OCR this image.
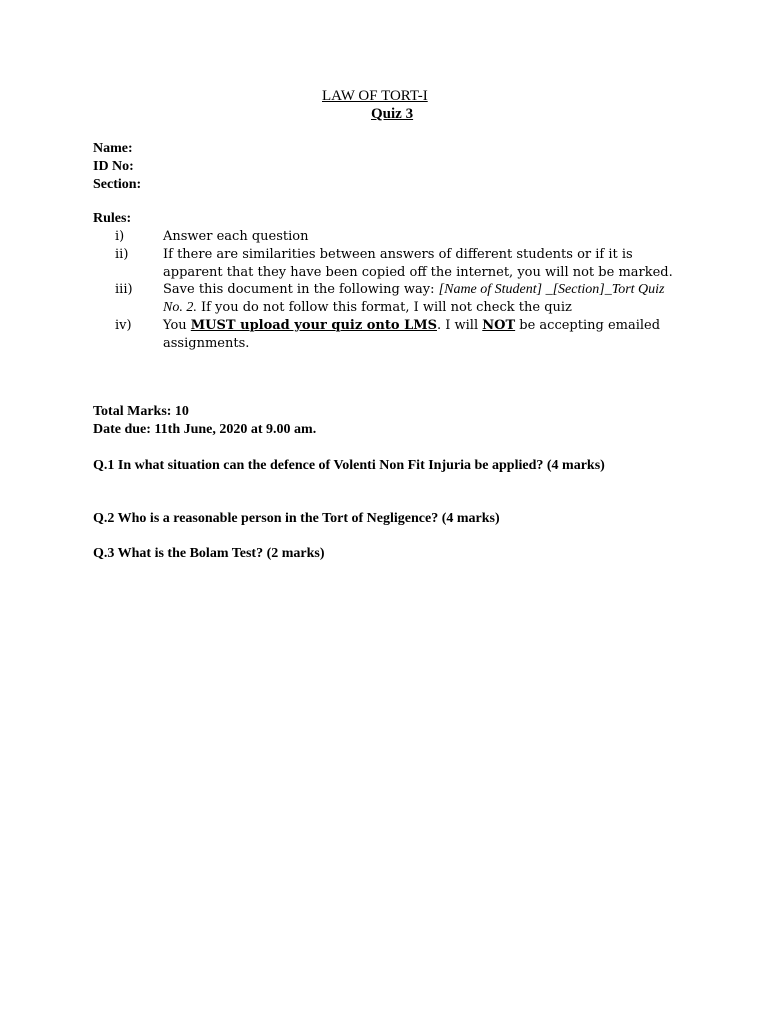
LAW OF TORT-I
Quiz 3
Name:
ID No:
Section:
Rules:
i)	Answer each question
ii)	If there are similarities between answers of different students or if it is apparent that they have been copied off the internet, you will not be marked.
iii) Save this document in the following way: [Name of Student] _[Section]_Tort Quiz No. 2. If you do not follow this format, I will not check the quiz
iv) You MUST upload your quiz onto LMS. I will NOT be accepting emailed assignments.
Total Marks: 10
Date due: 11th June, 2020 at 9.00 am.
Q.1 In what situation can the defence of Volenti Non Fit Injuria be applied? (4 marks)
Q.2 Who is a reasonable person in the Tort of Negligence? (4 marks)
Q.3 What is the Bolam Test? (2 marks)
